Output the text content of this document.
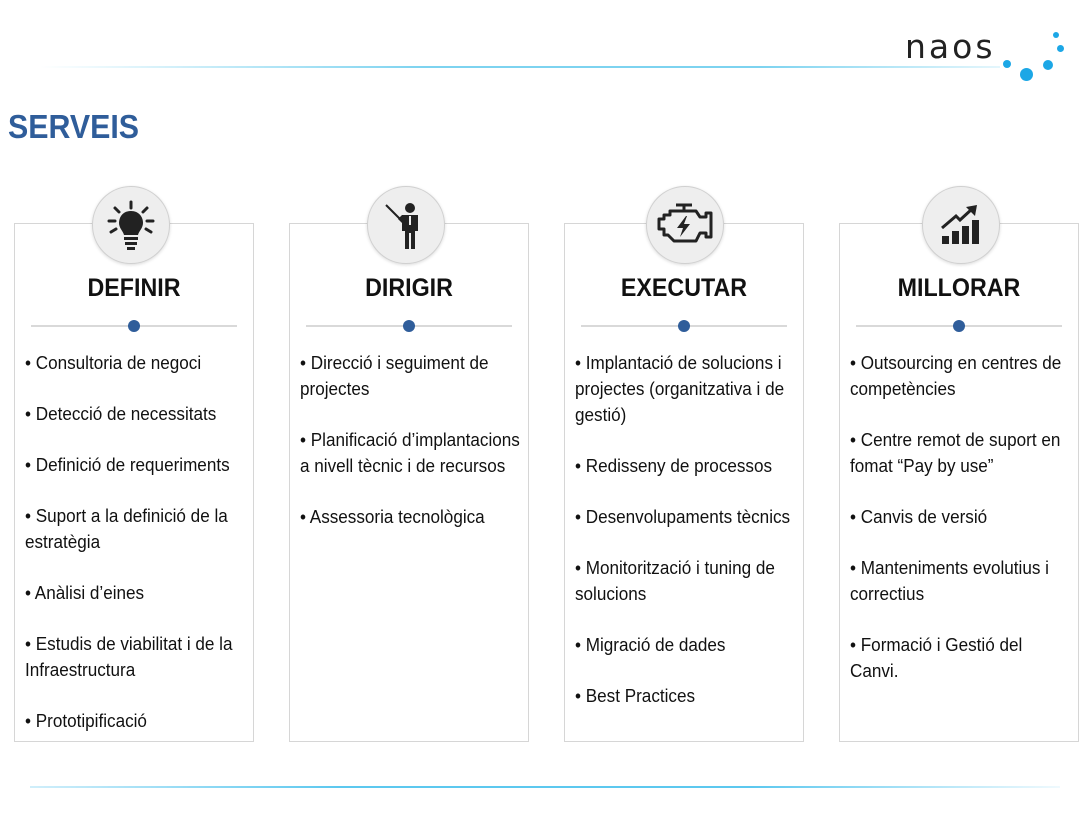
naos
SERVEIS
DEFINIR
• Consultoria de negoci
• Detecció de necessitats
• Definició de requeriments
• Suport a la definició de la estratègia
• Anàlisi d’eines
• Estudis de viabilitat i de la Infraestructura
• Prototipificació
DIRIGIR
• Direcció i seguiment de projectes
• Planificació d’implantacions a nivell tècnic i de recursos
• Assessoria tecnològica
EXECUTAR
• Implantació de solucions i projectes (organitzativa i de gestió)
• Redisseny de processos
• Desenvolupaments tècnics
• Monitorització i tuning de solucions
• Migració de dades
• Best Practices
MILLORAR
• Outsourcing en centres de competències
• Centre remot de suport en fomat “Pay by use”
• Canvis de versió
• Manteniments evolutius i correctius
• Formació i Gestió del Canvi.
